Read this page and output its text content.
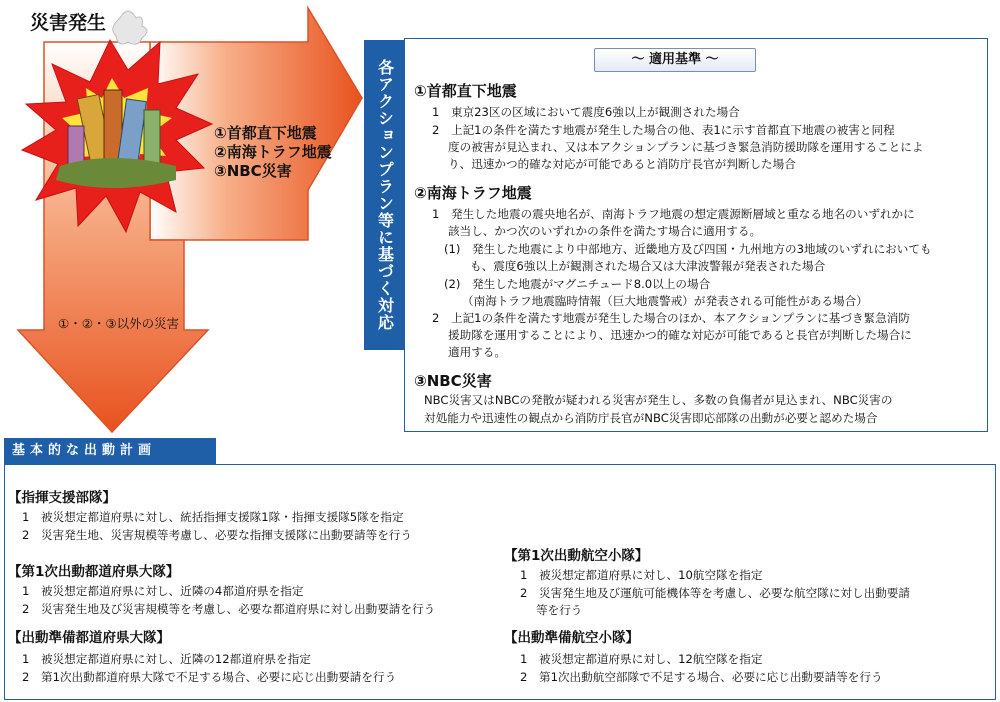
災害発生
①首都直下地震
②南海トラフ地震
③NBC災害
①・②・③以外の災害	各アクションプラン等に基づく対応	～ 適用基準 ～
①首都直下地震
1　東京23区の区域において震度6強以上が観測された場合
2　上記1の条件を満たす地震が発生した場合の他、表1に示す首都直下地震の被害と同程
度の被害が見込まれ、又は本アクションプランに基づき緊急消防援助隊を運用することによ
り、迅速かつ的確な対応が可能であると消防庁長官が判断した場合
②南海トラフ地震
1　発生した地震の震央地名が、南海トラフ地震の想定震源断層域と重なる地名のいずれかに
該当し、かつ次のいずれかの条件を満たす場合に適用する。
(1)　発生した地震により中部地方、近畿地方及び四国・九州地方の3地域のいずれにおいても
も、震度6強以上が観測された場合又は大津波警報が発表された場合
(2)　発生した地震がマグニチュード8.0以上の場合
（南海トラフ地震臨時情報（巨大地震警戒）が発表される可能性がある場合）
2　上記1の条件を満たす地震が発生した場合のほか、本アクションプランに基づき緊急消防
援助隊を運用することにより、迅速かつ的確な対応が可能であると長官が判断した場合に
適用する。
③NBC災害
NBC災害又はNBCの発散が疑われる災害が発生し、多数の負傷者が見込まれ、NBC災害の
対処能力や迅速性の観点から消防庁長官がNBC災害即応部隊の出動が必要と認めた場合
基本的な出動計画
【指揮支援部隊】
1　被災想定都道府県に対し、統括指揮支援隊1隊・指揮支援隊5隊を指定
2　災害発生地、災害規模等考慮し、必要な指揮支援隊に出動要請等を行う
【第1次出動都道府県大隊】
1　被災想定都道府県に対し、近隣の4都道府県を指定
2　災害発生地及び災害規模等を考慮し、必要な都道府県に対し出動要請を行う
【出動準備都道府県大隊】
1　被災想定都道府県に対し、近隣の12都道府県を指定
2　第1次出動都道府県大隊で不足する場合、必要に応じ出動要請を行う
【第1次出動航空小隊】
1　被災想定都道府県に対し、10航空隊を指定
2　災害発生地及び運航可能機体等を考慮し、必要な航空隊に対し出動要請
等を行う
【出動準備航空小隊】
1　被災想定都道府県に対し、12航空隊を指定
2　第1次出動航空部隊で不足する場合、必要に応じ出動要請等を行う
